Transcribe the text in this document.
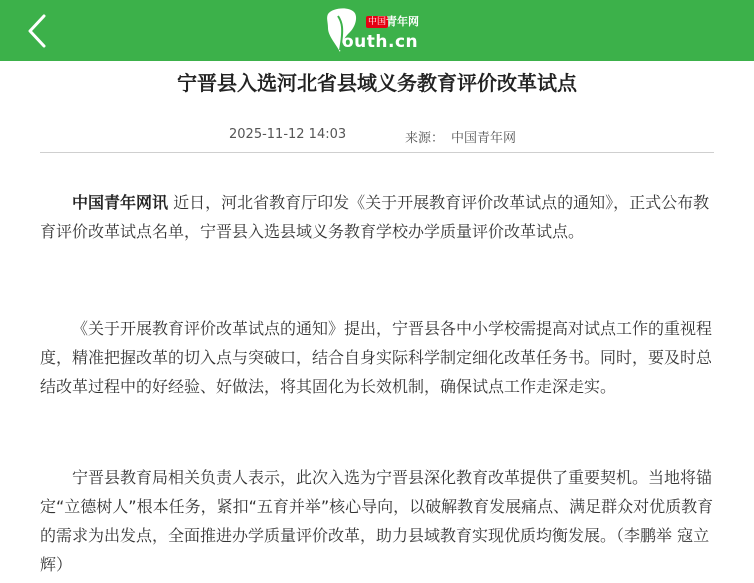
中国 青年网
outh.cn
宁晋县入选河北省县域义务教育评价改革试点
2025-11-12 14:03	来源： 中国青年网

中国青年网讯 近日，河北省教育厅印发《关于开展教育评价改革试点的通知》，正式公布教育评价改革试点名单，宁晋县入选县域义务教育学校办学质量评价改革试点。

《关于开展教育评价改革试点的通知》提出，宁晋县各中小学校需提高对试点工作的重视程度，精准把握改革的切入点与突破口，结合自身实际科学制定细化改革任务书。同时，要及时总结改革过程中的好经验、好做法，将其固化为长效机制，确保试点工作走深走实。

宁晋县教育局相关负责人表示，此次入选为宁晋县深化教育改革提供了重要契机。当地将锚定“立德树人”根本任务，紧扣“五育并举”核心导向，以破解教育发展痛点、满足群众对优质教育的需求为出发点，全面推进办学质量评价改革，助力县域教育实现优质均衡发展。（李鹏举 寇立辉）
